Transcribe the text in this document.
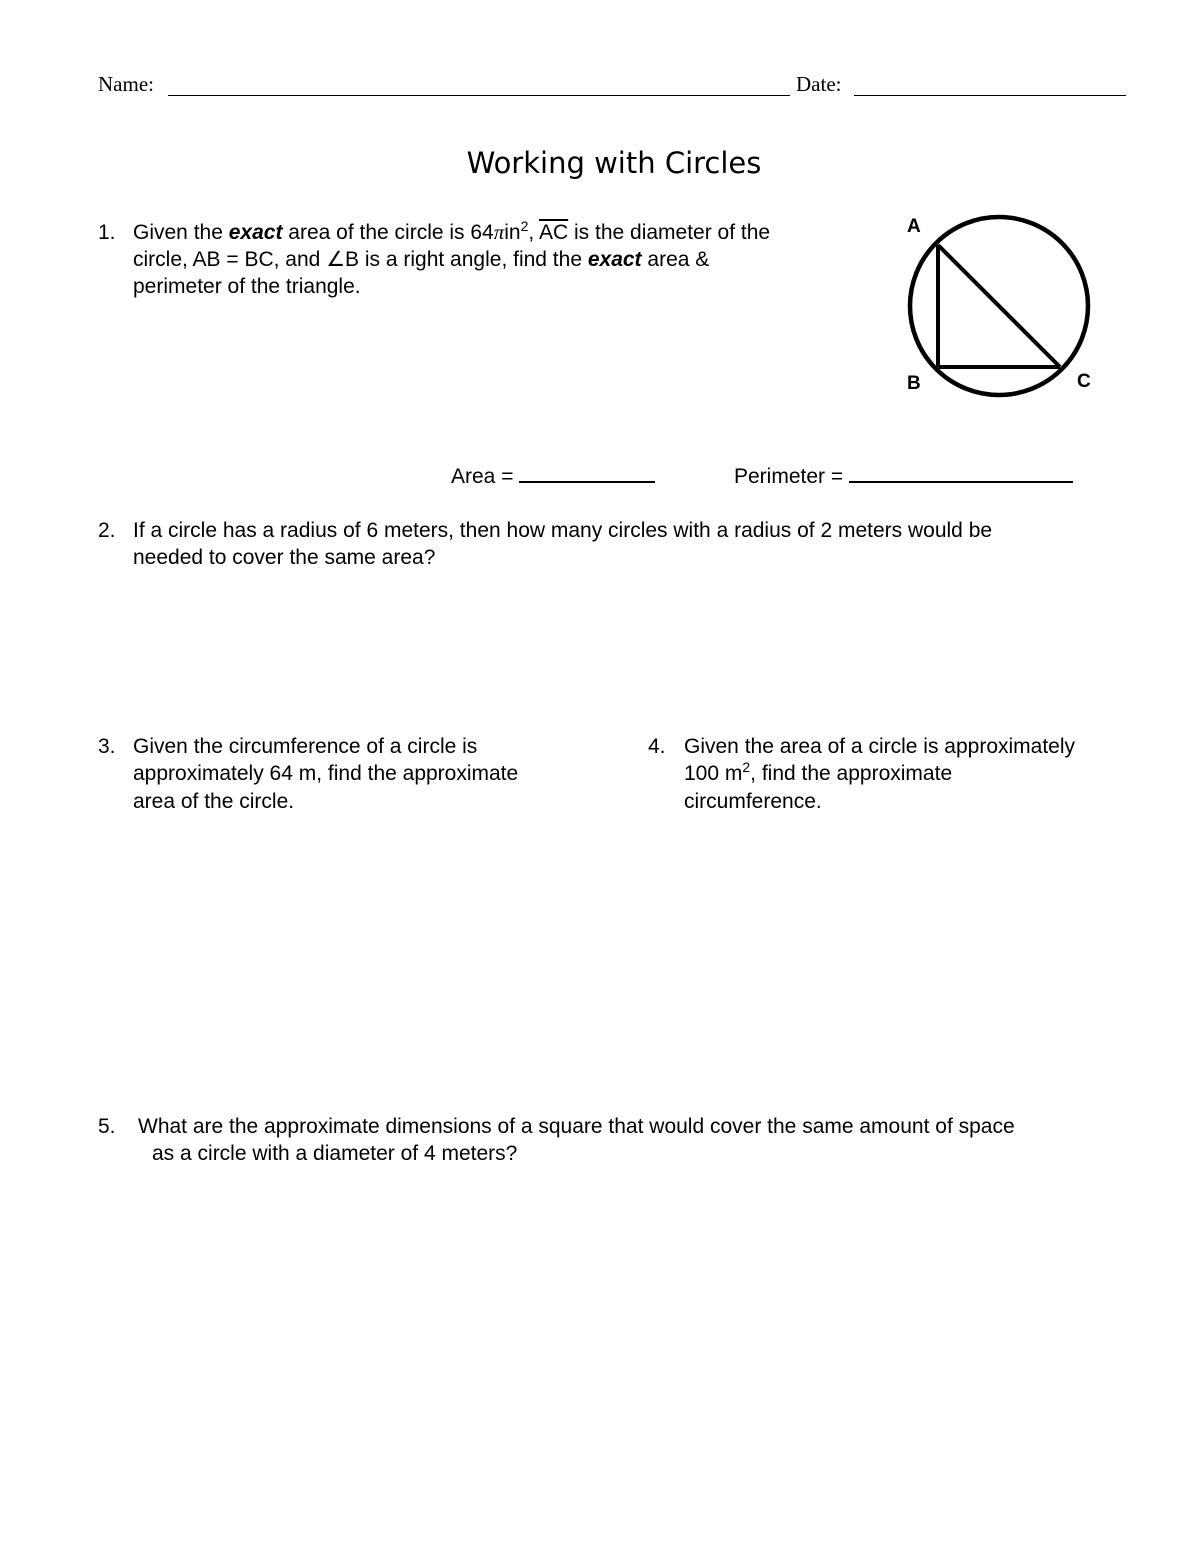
Name:	Date:
Working with Circles
1. Given the exact area of the circle is 64πin$^2$, $\overline{AC}$ is the diameter of the
circle, AB = BC, and ∠B is a right angle, find the exact area &
perimeter of the triangle.
A
B	C
Area =	Perimeter =
2. If a circle has a radius of 6 meters, then how many circles with a radius of 2 meters would be
needed to cover the same area?
3. Given the circumference of a circle is
approximately 64 m, find the approximate
area of the circle.
4. Given the area of a circle is approximately
100 $m^2$, find the approximate
circumference.
5. What are the approximate dimensions of a square that would cover the same amount of space
as a circle with a diameter of 4 meters?
